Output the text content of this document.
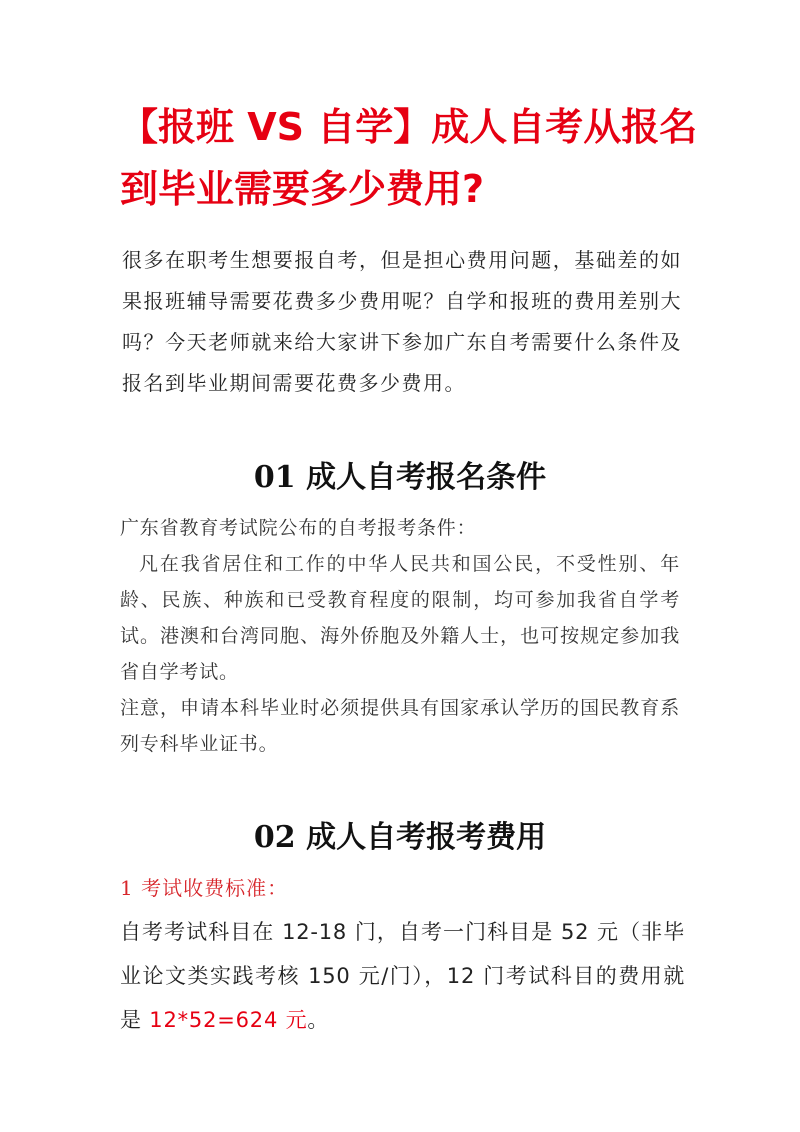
【报班 VS 自学】成人自考从报名到毕业需要多少费用?

很多在职考生想要报自考，但是担心费用问题，基础差的如果报班辅导需要花费多少费用呢？自学和报班的费用差别大吗？今天老师就来给大家讲下参加广东自考需要什么条件及报名到毕业期间需要花费多少费用。

01 成人自考报名条件

广东省教育考试院公布的自考报考条件：

凡在我省居住和工作的中华人民共和国公民，不受性别、年龄、民族、种族和已受教育程度的限制，均可参加我省自学考试。港澳和台湾同胞、海外侨胞及外籍人士，也可按规定参加我省自学考试。

注意，申请本科毕业时必须提供具有国家承认学历的国民教育系列专科毕业证书。

02 成人自考报考费用

1 考试收费标准：

自考考试科目在 12-18 门，自考一门科目是 52 元（非毕业论文类实践考核 150 元/门），12 门考试科目的费用就是 12*52=624 元。
